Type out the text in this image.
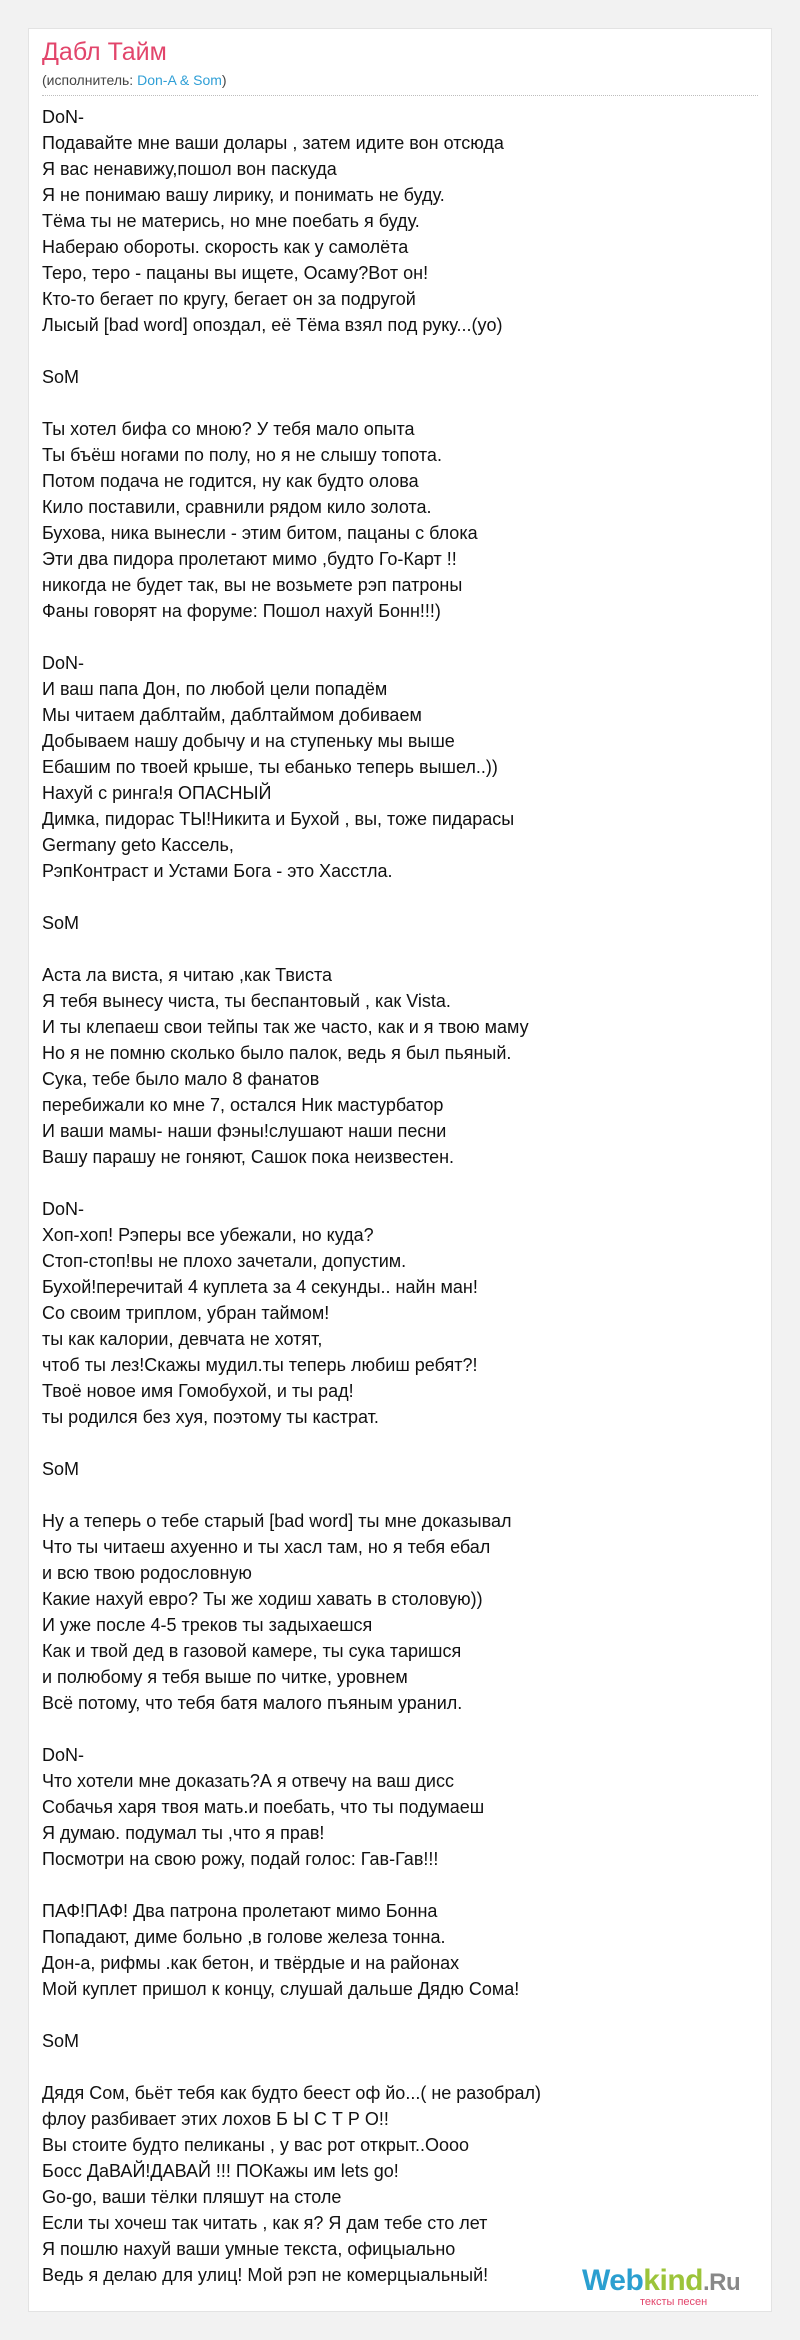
Дабл Тайм
(исполнитель: Don-A & Som)
DoN-
Подавайте мне ваши долары , затем идите вон отсюда
Я вас ненавижу,пошол вон паскуда
Я не понимаю вашу лирику, и понимать не буду.
Тёма ты не матерись, но мне поебать я буду.
Набераю обороты. скорость как у самолёта
Теро, теро - пацаны вы ищете, Осаму?Вот он!
Кто-то бегает по кругу, бегает он за подругой
Лысый [bad word] опоздал, её Тёма взял под руку...(yo)
SoM
Ты хотел бифа со мною? У тебя мало опыта
Ты бъёш ногами по полу, но я не слышу топота.
Потом подача не годится, ну как будто олова
Кило поставили, сравнили рядом кило золота.
Бухова, ника вынесли - этим битом, пацаны с блока
Эти два пидора пролетают мимо ,будто Го-Карт !!
никогда не будет так, вы не возьмете рэп патроны
Фаны говорят на форуме: Пошол нахуй Бонн!!!)
DoN-
И ваш папа Дон, по любой цели попадём
Мы читаем даблтайм, даблтаймом добиваем
Добываем нашу добычу и на ступеньку мы выше
Ебашим по твоей крыше, ты ебанько теперь вышел..))
Нахуй с ринга!я ОПАСНЫЙ
Димка, пидорас ТЫ!Никита и Бухой , вы, тоже пидарасы
Germany geto Кассель,
РэпКонтраст и Устами Бога - это Хасстла.
SoM
Аста ла виста, я читаю ,как Твиста
Я тебя вынесу чиста, ты беспантовый , как Vista.
И ты клепаеш свои тейпы так же часто, как и я твою маму
Но я не помню сколько было палок, ведь я был пьяный.
Сука, тебе было мало 8 фанатов
перебижали ко мне 7, остался Ник мастурбатор
И ваши мамы- наши фэны!слушают наши песни
Вашу парашу не гоняют, Сашок пока неизвестен.
DoN-
Хоп-хоп! Рэперы все убежали, но куда?
Стоп-стоп!вы не плохо зачетали, допустим.
Бухой!перечитай 4 куплета за 4 секунды.. найн ман!
Со своим триплом, убран таймом!
ты как калории, девчата не хотят,
чтоб ты лез!Скажы мудил.ты теперь любиш ребят?!
Твоё новое имя Гомобухой, и ты рад!
ты родился без хуя, поэтому ты кастрат.
SoM
Ну а теперь о тебе старый [bad word] ты мне доказывал
Что ты читаеш ахуенно и ты хасл там, но я тебя ебал
и всю твою родословную
Какие нахуй евро? Ты же ходиш хавать в столовую))
И уже после 4-5 треков ты задыхаешся
Как и твой дед в газовой камере, ты сука таришся
и полюбому я тебя выше по читке, уровнем
Всё потому, что тебя батя малого пъяным уранил.
DoN-
Что хотели мне доказать?А я отвечу на ваш дисс
Собачья харя твоя мать.и поебать, что ты подумаеш
Я думаю. подумал ты ,что я прав!
Посмотри на свою рожу, подай голос: Гав-Гав!!!
ПАФ!ПАФ! Два патрона пролетают мимо Бонна
Попадают, диме больно ,в голове железа тонна.
Дон-а, рифмы .как бетон, и твёрдые и на районах
Мой куплет пришол к концу, слушай дальше Дядю Сома!
SoM
Дядя Сом, бьёт тебя как будто беест оф йо...( не разобрал)
флоу разбивает этих лохов Б Ы С Т Р О!!
Вы стоите будто пеликаны , у вас рот открыт..Оооо
Босс ДаВАЙ!ДАВАЙ !!! ПОКажы им lets go!
Go-go, ваши тёлки пляшут на столе
Если ты хочеш так читать , как я? Я дам тебе сто лет
Я пошлю нахуй ваши умные текста, офицыально
Ведь я делаю для улиц! Мой рэп не комерцыальный!	Webkind.Ru
тексты песен
